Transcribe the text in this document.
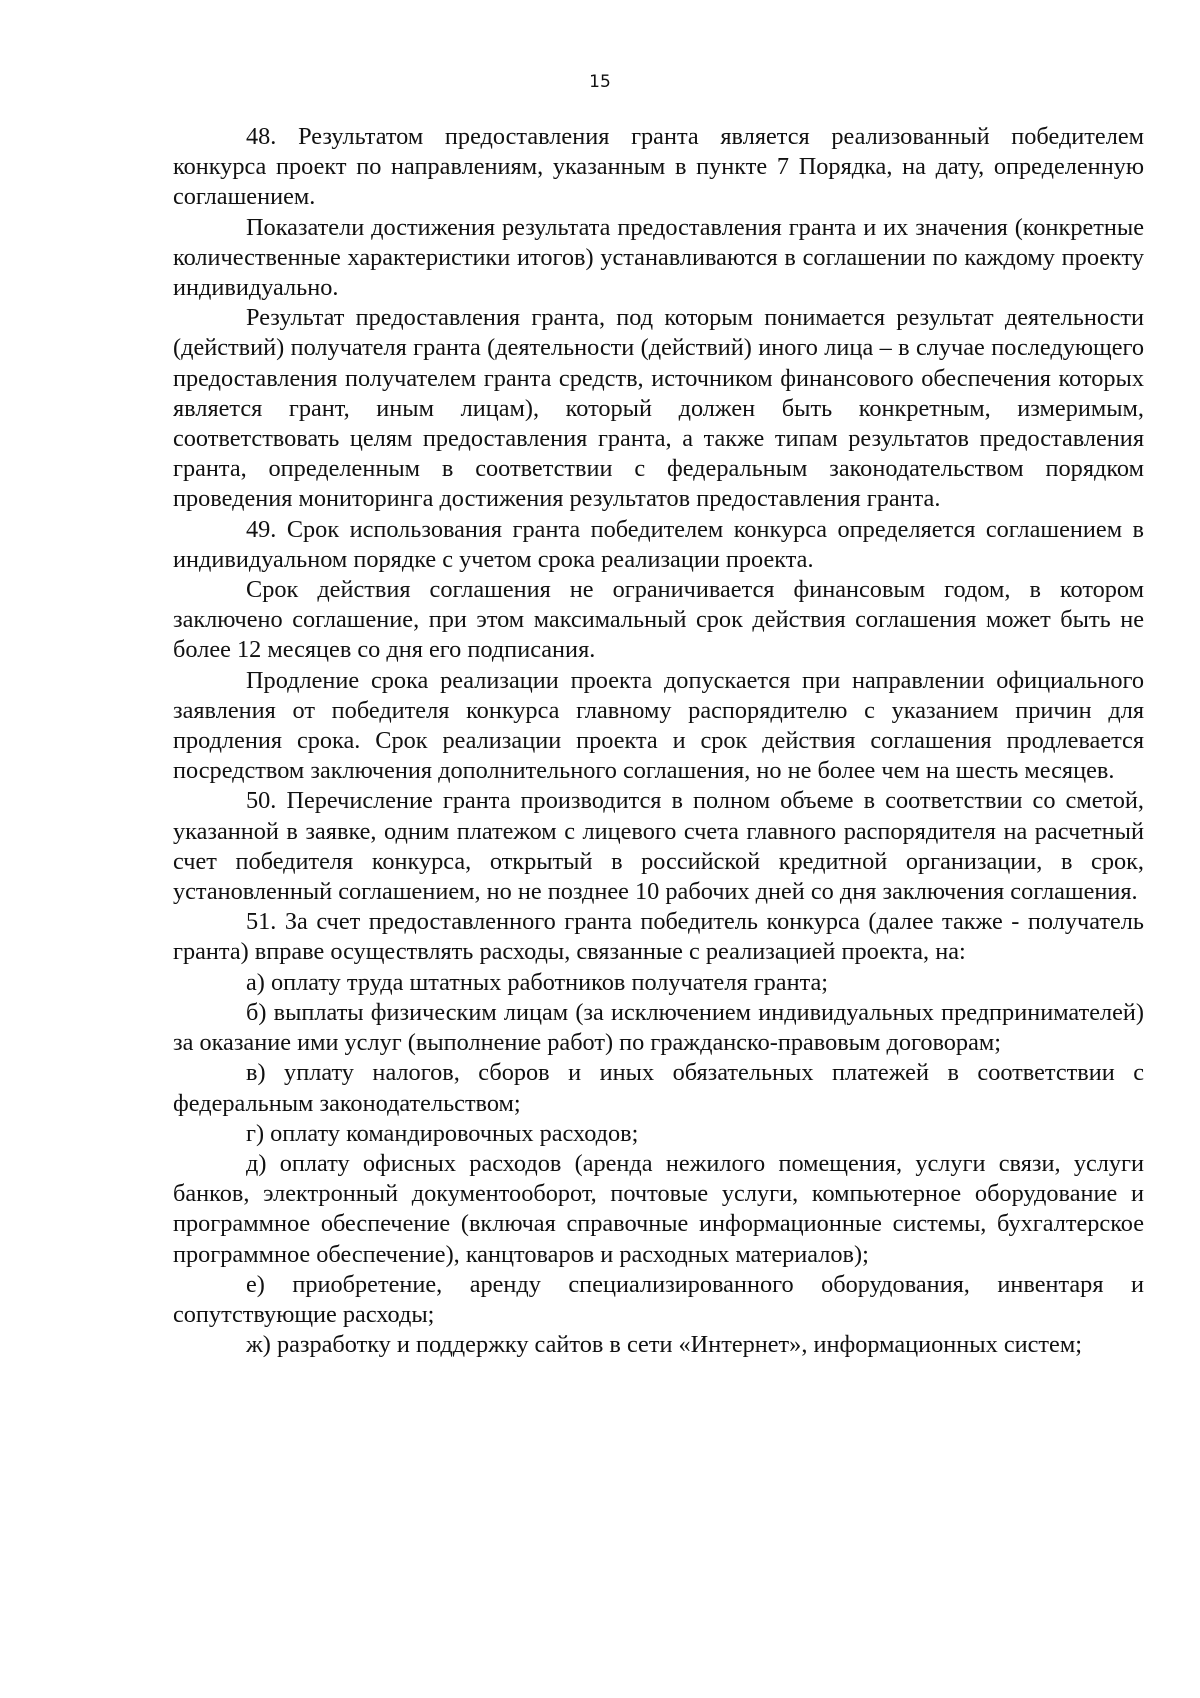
15

48. Результатом предоставления гранта является реализованный победителем конкурса проект по направлениям, указанным в пункте 7 Порядка, на дату, определенную соглашением.

Показатели достижения результата предоставления гранта и их значения (конкретные количественные характеристики итогов) устанавливаются в соглашении по каждому проекту индивидуально.

Результат предоставления гранта, под которым понимается результат деятельности (действий) получателя гранта (деятельности (действий) иного лица – в случае последующего предоставления получателем гранта средств, источником финансового обеспечения которых является грант, иным лицам), который должен быть конкретным, измеримым, соответствовать целям предоставления гранта, а также типам результатов предоставления гранта, определенным в соответствии с федеральным законодательством порядком проведения мониторинга достижения результатов предоставления гранта.

49. Срок использования гранта победителем конкурса определяется соглашением в индивидуальном порядке с учетом срока реализации проекта.

Срок действия соглашения не ограничивается финансовым годом, в котором заключено соглашение, при этом максимальный срок действия соглашения может быть не более 12 месяцев со дня его подписания.

Продление срока реализации проекта допускается при направлении официального заявления от победителя конкурса главному распорядителю с указанием причин для продления срока. Срок реализации проекта и срок действия соглашения продлевается посредством заключения дополнительного соглашения, но не более чем на шесть месяцев.

50. Перечисление гранта производится в полном объеме в соответствии со сметой, указанной в заявке, одним платежом с лицевого счета главного распорядителя на расчетный счет победителя конкурса, открытый в российской кредитной организации, в срок, установленный соглашением, но не позднее 10 рабочих дней со дня заключения соглашения.

51. За счет предоставленного гранта победитель конкурса (далее также - получатель гранта) вправе осуществлять расходы, связанные с реализацией проекта, на:

а) оплату труда штатных работников получателя гранта;

б) выплаты физическим лицам (за исключением индивидуальных предпринимателей) за оказание ими услуг (выполнение работ) по гражданско-правовым договорам;

в) уплату налогов, сборов и иных обязательных платежей в соответствии с федеральным законодательством;

г) оплату командировочных расходов;

д) оплату офисных расходов (аренда нежилого помещения, услуги связи, услуги банков, электронный документооборот, почтовые услуги, компьютерное оборудование и программное обеспечение (включая справочные информационные системы, бухгалтерское программное обеспечение), канцтоваров и расходных материалов);

е) приобретение, аренду специализированного оборудования, инвентаря и сопутствующие расходы;

ж) разработку и поддержку сайтов в сети «Интернет», информационных систем;
